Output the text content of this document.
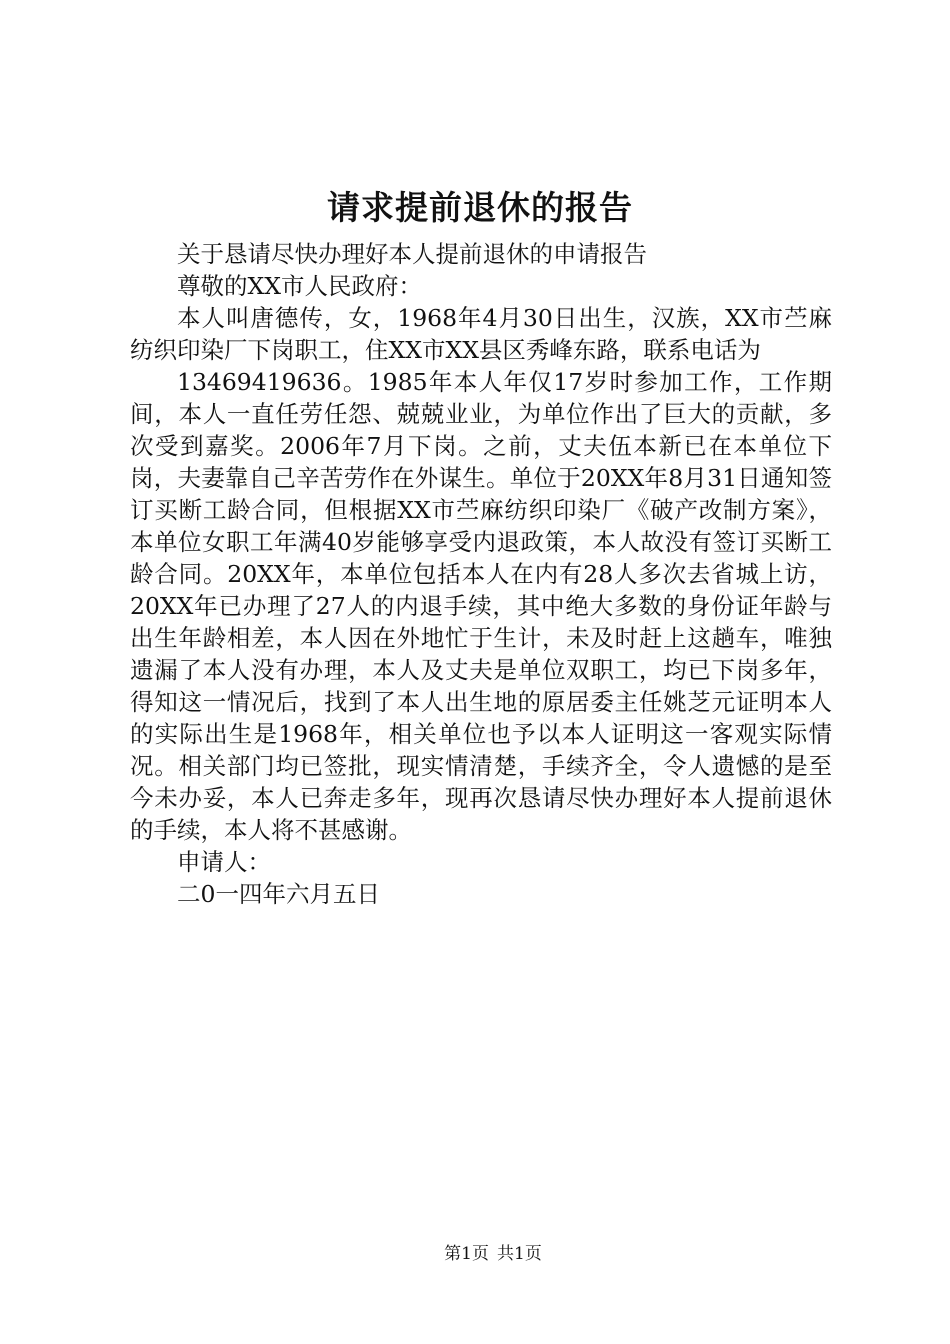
请求提前退休的报告

关于恳请尽快办理好本人提前退休的申请报告

尊敬的XX市人民政府：

本人叫唐德传，女，1968年4月30日出生，汉族，XX市苎麻纺织印染厂下岗职工，住XX市XX县区秀峰东路，联系电话为

13469419636。1985年本人年仅17岁时参加工作，工作期间，本人一直任劳任怨、兢兢业业，为单位作出了巨大的贡献，多次受到嘉奖。2006年7月下岗。之前，丈夫伍本新已在本单位下岗，夫妻靠自己辛苦劳作在外谋生。单位于20XX年8月31日通知签订买断工龄合同，但根据XX市苎麻纺织印染厂《破产改制方案》，本单位女职工年满40岁能够享受内退政策，本人故没有签订买断工龄合同。20XX年，本单位包括本人在内有28人多次去省城上访，20XX年已办理了27人的内退手续，其中绝大多数的身份证年龄与出生年龄相差，本人因在外地忙于生计，未及时赶上这趟车，唯独遗漏了本人没有办理，本人及丈夫是单位双职工，均已下岗多年，得知这一情况后，找到了本人出生地的原居委主任姚芝元证明本人的实际出生是1968年，相关单位也予以本人证明这一客观实际情况。相关部门均已签批，现实情清楚，手续齐全，令人遗憾的是至今未办妥，本人已奔走多年，现再次恳请尽快办理好本人提前退休的手续，本人将不甚感谢。

申请人：

二0一四年六月五日

第1页 共1页
